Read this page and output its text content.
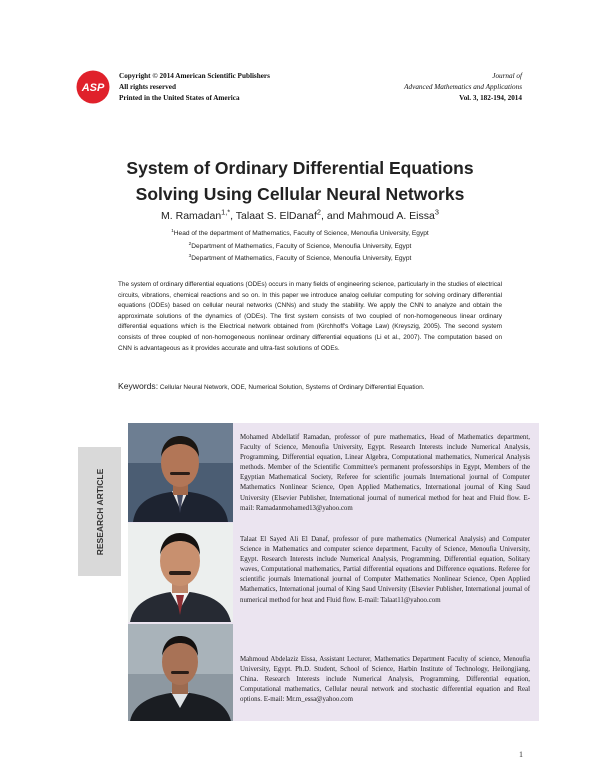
ASP
Copyright © 2014 American Scientific Publishers
All rights reserved
Printed in the United States of America
Journal of
Advanced Mathematics and Applications
Vol. 3, 182-194, 2014
System of Ordinary Differential Equations
Solving Using Cellular Neural Networks
M. Ramadan$^{1,*}$, Talaat S. ElDanaf$^2$, and Mahmoud A. Eissa$^3$
$^1$Head of the department of Mathematics, Faculty of Science, Menoufia University, Egypt
$^2$Department of Mathematics, Faculty of Science, Menoufia University, Egypt
$^3$Department of Mathematics, Faculty of Science, Menoufia University, Egypt
The system of ordinary differential equations (ODEs) occurs in many fields of engineering science, particularly in the studies of electrical circuits, vibrations, chemical reactions and so on. In this paper we introduce analog cellular computing for solving ordinary differential equations (ODEs) based on cellular neural networks (CNNs) and study the stability. We apply the CNN to analyze and obtain the approximate solutions of the dynamics of (ODEs). The first system consists of two coupled of non-homogeneous linear ordinary differential equations which is the Electrical network obtained from (Kirchhoff's Voltage Law) (Kreyszig, 2005). The second system consists of three coupled of non-homogeneous nonlinear ordinary differential equations (Li et al., 2007). The computation based on CNN is advantageous as it provides accurate and ultra-fast solutions of ODEs.
Keywords: Cellular Neural Network, ODE, Numerical Solution, Systems of Ordinary Differential Equation.
RESEARCH ARTICLE
Mohamed Abdellatif Ramadan, professor of pure mathematics, Head of Mathematics department, Faculty of Science, Menoufia University, Egypt. Research Interests include Numerical Analysis, Programming, Differential equation, Linear Algebra, Computational mathematics, Numerical Analysis methods. Member of the Scientific Committee's permanent professorships in Egypt, Members of the Egyptian Mathematical Society, Referee for scientific journals International journal of Computer Mathematics Nonlinear Science, Open Applied Mathematics, International journal of King Saud University (Elsevier Publisher, International journal of numerical method for heat and Fluid flow. E-mail: Ramadanmohamed13@yahoo.com
Talaat El Sayed Ali El Danaf, professor of pure mathematics (Numerical Analysis) and Computer Science in Mathematics and computer science department, Faculty of Science, Menoufia University, Egypt. Research Interests include Numerical Analysis, Programming, Differential equation, Solitary waves, Computational mathematics, Partial differential equations and Difference equations. Referee for scientific journals International journal of Computer Mathematics Nonlinear Science, Open Applied Mathematics, International journal of King Saud University (Elsevier Publisher, International journal of numerical method for heat and Fluid flow. E-mail: Talaat11@yahoo.com
Mahmoud Abdelaziz Eissa, Assistant Lecturer, Mathematics Department Faculty of science, Menoufia University, Egypt. Ph.D. Student, School of Science, Harbin Institute of Technology, Heilongjiang, China. Research Interests include Numerical Analysis, Programming, Differential equation, Computational mathematics, Cellular neural network and stochastic differential equation and Real options. E-mail: Mr.m_essa@yahoo.com
1
